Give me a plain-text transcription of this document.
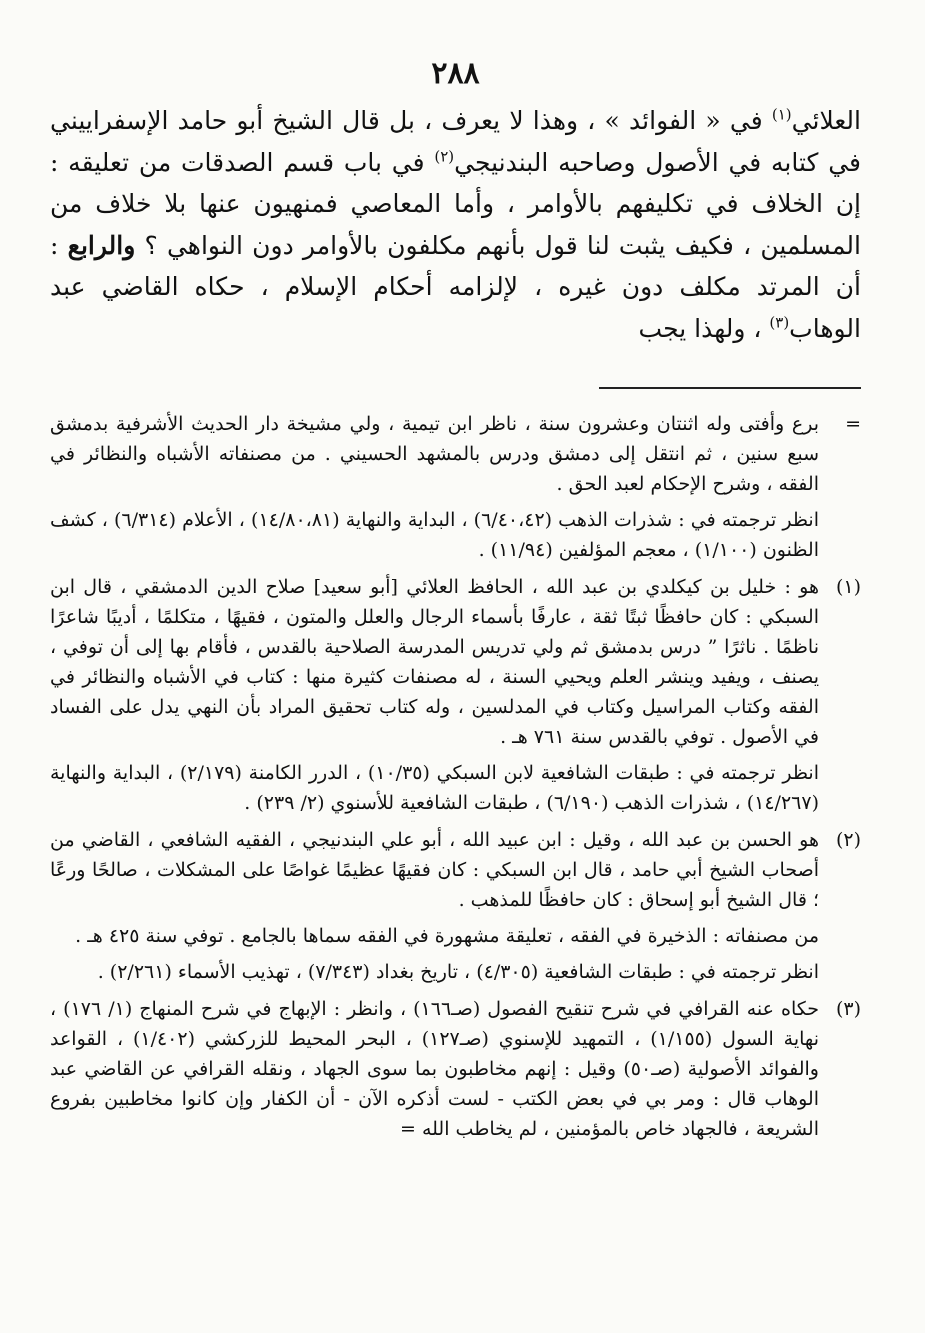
٢٨٨

العلائي$^{(١)}$ في « الفوائد » ، وهذا لا يعرف ، بل قال الشيخ أبو حامد الإسفراييني في كتابه في الأصول وصاحبه البندنيجي$^{(٢)}$ في باب قسم الصدقات من تعليقه : إن الخلاف في تكليفهم بالأوامر ، وأما المعاصي فمنهيون عنها بلا خلاف من المسلمين ، فكيف يثبت لنا قول بأنهم مكلفون بالأوامر دون النواهي ؟ والرابع : أن المرتد مكلف دون غيره ، لإلزامه أحكام الإسلام ، حكاه القاضي عبد الوهاب$^{(٣)}$ ، ولهذا يجب

=

برع وأفتى وله اثنتان وعشرون سنة ، ناظر ابن تيمية ، ولي مشيخة دار الحديث الأشرفية بدمشق سبع سنين ، ثم انتقل إلى دمشق ودرس بالمشهد الحسيني . من مصنفاته الأشباه والنظائر في الفقه ، وشرح الإحكام لعبد الحق .

انظر ترجمته في : شذرات الذهب (٦/٤٠،٤٢) ، البداية والنهاية (١٤/٨٠،٨١) ، الأعلام (٦/٣١٤) ، كشف الظنون (١/١٠٠) ، معجم المؤلفين (١١/٩٤) .

(١)

هو : خليل بن كيكلدي بن عبد الله ، الحافظ العلائي [أبو سعيد] صلاح الدين الدمشقي ، قال ابن السبكي : كان حافظًا ثبتًا ثقة ، عارفًا بأسماء الرجال والعلل والمتون ، فقيهًا ، متكلمًا ، أديبًا شاعرًا ناظمًا . ناثرًا ” درس بدمشق ثم ولي تدريس المدرسة الصلاحية بالقدس ، فأقام بها إلى أن توفي ، يصنف ، ويفيد وينشر العلم ويحيي السنة ، له مصنفات كثيرة منها : كتاب في الأشباه والنظائر في الفقه وكتاب المراسيل وكتاب في المدلسين ، وله كتاب تحقيق المراد بأن النهي يدل على الفساد في الأصول . توفي بالقدس سنة ٧٦١ هـ .

انظر ترجمته في : طبقات الشافعية لابن السبكي (١٠/٣٥) ، الدرر الكامنة (٢/١٧٩) ، البداية والنهاية (١٤/٢٦٧) ، شذرات الذهب (٦/١٩٠) ، طبقات الشافعية للأسنوي (٢/ ٢٣٩) .

(٢)

هو الحسن بن عبد الله ، وقيل : ابن عبيد الله ، أبو علي البندنيجي ، الفقيه الشافعي ، القاضي من أصحاب الشيخ أبي حامد ، قال ابن السبكي : كان فقيهًا عظيمًا غواصًا على المشكلات ، صالحًا ورعًا ؛ قال الشيخ أبو إسحاق : كان حافظًا للمذهب .

من مصنفاته : الذخيرة في الفقه ، تعليقة مشهورة في الفقه سماها بالجامع . توفي سنة ٤٢٥ هـ .

انظر ترجمته في : طبقات الشافعية (٤/٣٠٥) ، تاريخ بغداد (٧/٣٤٣) ، تهذيب الأسماء (٢/٢٦١) .

(٣)

حكاه عنه القرافي في شرح تنقيح الفصول (صـ١٦٦) ، وانظر : الإبهاج في شرح المنهاج (١/ ١٧٦) ، نهاية السول (١/١٥٥) ، التمهيد للإسنوي (صـ١٢٧) ، البحر المحيط للزركشي (١/٤٠٢) ، القواعد والفوائد الأصولية (صـ٥٠) وقيل : إنهم مخاطبون بما سوى الجهاد ، ونقله القرافي عن القاضي عبد الوهاب قال : ومر بي في بعض الكتب - لست أذكره الآن - أن الكفار وإن كانوا مخاطبين بفروع الشريعة ، فالجهاد خاص بالمؤمنين ، لم يخاطب الله =
